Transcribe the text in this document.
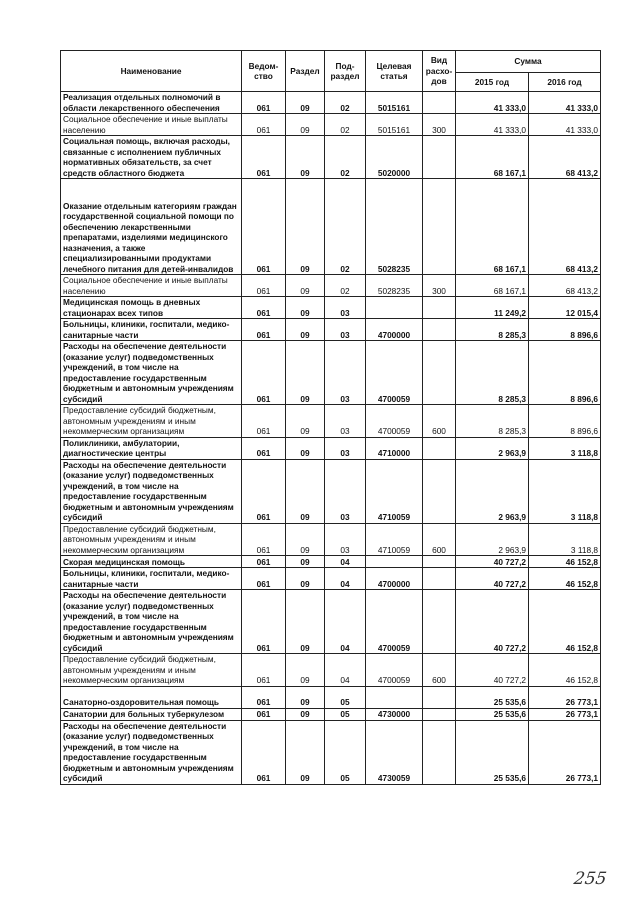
Наименование	Ведом-ство	Раздел	Под-раздел	Целевая статья	Вид расхо-дов	Сумма	
						2015 год	2016 год
Реализация отдельных полномочий в области лекарственного обеспечения	061	09	02	5015161		41 333,0	41 333,0
Социальное обеспечение и иные выплаты населению	061	09	02	5015161	300	41 333,0	41 333,0
Социальная помощь, включая расходы, связанные с исполнением публичных нормативных обязательств, за счет средств областного бюджета	061	09	02	5020000		68 167,1	68 413,2
Оказание отдельным категориям граждан государственной социальной помощи по обеспечению лекарственными препаратами, изделиями медицинского назначения, а также специализированными продуктами лечебного питания для детей-инвалидов	061	09	02	5028235		68 167,1	68 413,2
Социальное обеспечение и иные выплаты населению	061	09	02	5028235	300	68 167,1	68 413,2
Медицинская помощь в дневных стационарах всех типов	061	09	03			11 249,2	12 015,4
Больницы, клиники, госпитали, медико-санитарные части	061	09	03	4700000		8 285,3	8 896,6
Расходы на обеспечение деятельности (оказание услуг) подведомственных учреждений, в том числе на предоставление государственным бюджетным и автономным учреждениям субсидий	061	09	03	4700059		8 285,3	8 896,6
Предоставление субсидий бюджетным, автономным учреждениям и иным некоммерческим организациям	061	09	03	4700059	600	8 285,3	8 896,6
Поликлиники, амбулатории, диагностические центры	061	09	03	4710000		2 963,9	3 118,8
Расходы на обеспечение деятельности (оказание услуг) подведомственных учреждений, в том числе на предоставление государственным бюджетным и автономным учреждениям субсидий	061	09	03	4710059		2 963,9	3 118,8
Предоставление субсидий бюджетным, автономным учреждениям и иным некоммерческим организациям	061	09	03	4710059	600	2 963,9	3 118,8
Скорая медицинская помощь	061	09	04			40 727,2	46 152,8
Больницы, клиники, госпитали, медико-санитарные части	061	09	04	4700000		40 727,2	46 152,8
Расходы на обеспечение деятельности (оказание услуг) подведомственных учреждений, в том числе на предоставление государственным бюджетным и автономным учреждениям субсидий	061	09	04	4700059		40 727,2	46 152,8
Предоставление субсидий бюджетным, автономным учреждениям и иным некоммерческим организациям	061	09	04	4700059	600	40 727,2	46 152,8
Санаторно-оздоровительная помощь	061	09	05			25 535,6	26 773,1
Санатории для больных туберкулезом	061	09	05	4730000		25 535,6	26 773,1
Расходы на обеспечение деятельности (оказание услуг) подведомственных учреждений, в том числе на предоставление государственным бюджетным и автономным учреждениям субсидий	061	09	05	4730059		25 535,6	26 773,1
255
